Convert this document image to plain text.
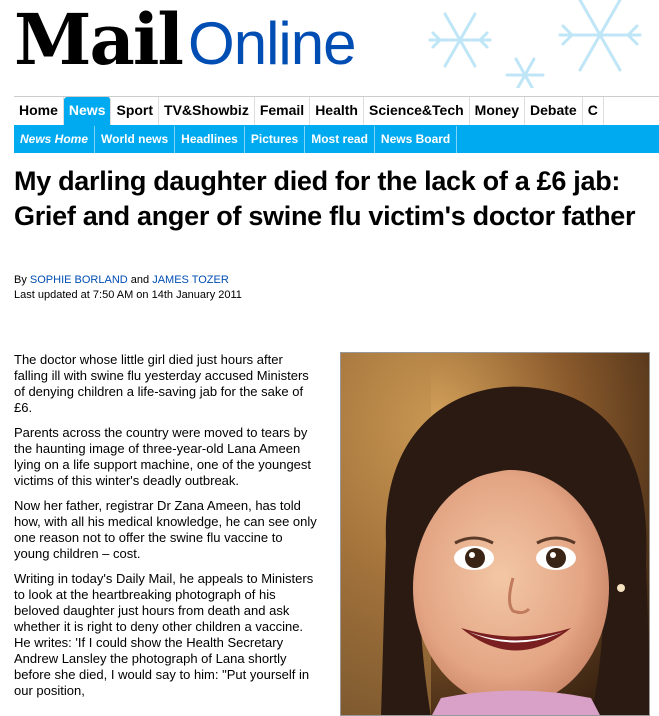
Mail Online
Home News Sport TV&Showbiz Femail Health Science&Tech Money Debate C
News Home World news Headlines Pictures Most read News Board
My darling daughter died for the lack of a £6 jab: Grief and anger of swine flu victim's doctor father
By SOPHIE BORLAND and JAMES TOZER
Last updated at 7:50 AM on 14th January 2011

The doctor whose little girl died just hours after falling ill with swine flu yesterday accused Ministers of denying children a life-saving jab for the sake of £6.

Parents across the country were moved to tears by the haunting image of three-year-old Lana Ameen lying on a life support machine, one of the youngest victims of this winter's deadly outbreak.

Now her father, registrar Dr Zana Ameen, has told how, with all his medical knowledge, he can see only one reason not to offer the swine flu vaccine to young children – cost.

Writing in today's Daily Mail, he appeals to Ministers to look at the heartbreaking photograph of his beloved daughter just hours from death and ask whether it is right to deny other children a vaccine. He writes: 'If I could show the Health Secretary Andrew Lansley the photograph of Lana shortly before she died, I would say to him: "Put yourself in our position,
